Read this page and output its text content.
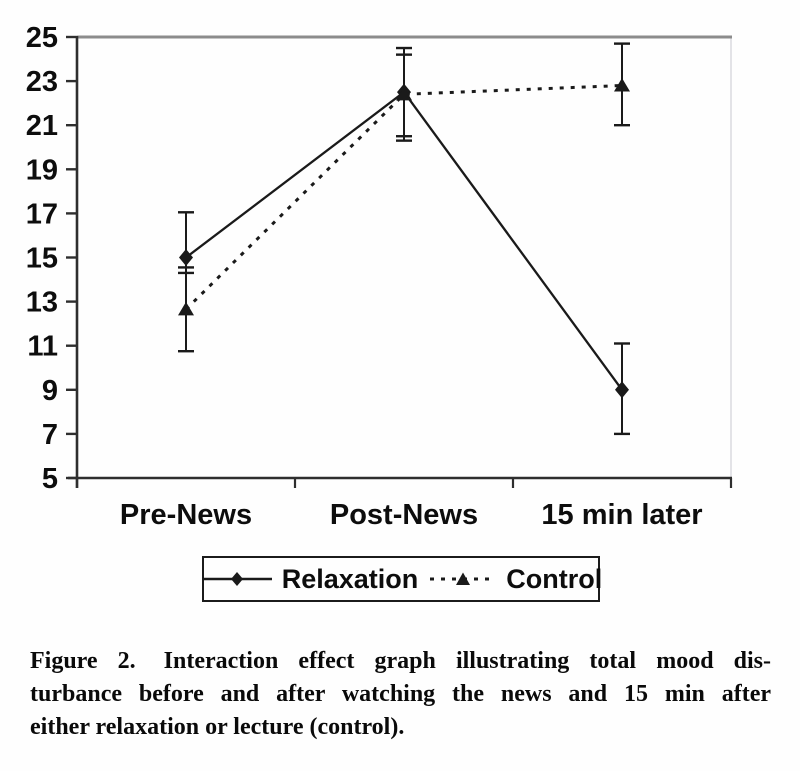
5
7
9
11
13
15
17
19
21
23
25
Pre-News	Post-News 15 min later
Relaxation	Control
Figure 2. Interaction effect graph illustrating total mood dis-
turbance before and after watching the news and 15 min after
either relaxation or lecture (control).
